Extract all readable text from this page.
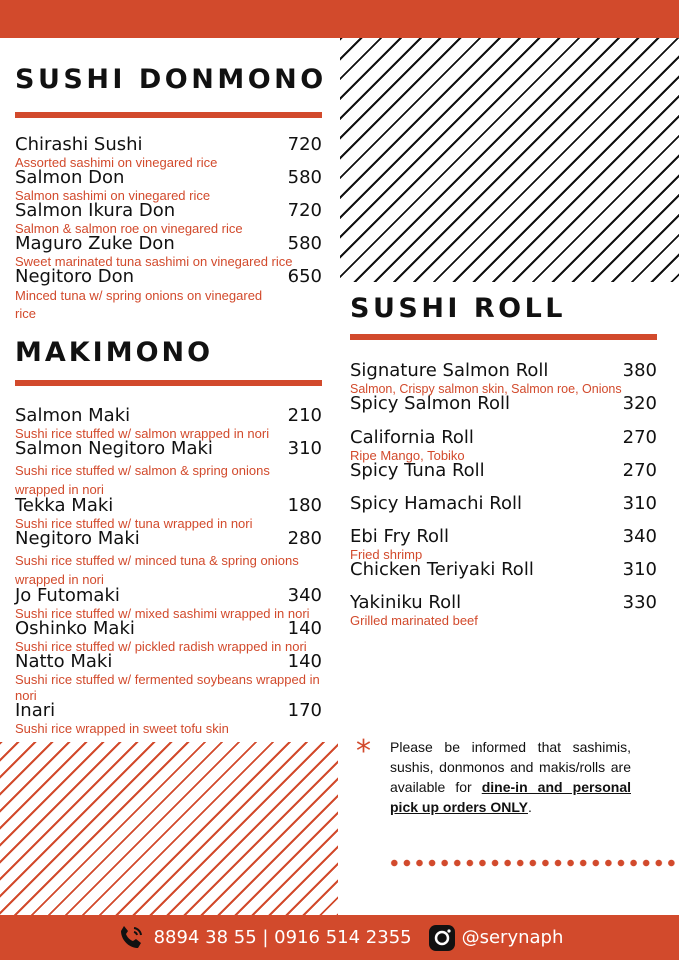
SUSHI DONMONO
Chirashi Sushi	720
Assorted sashimi on vinegared rice
Salmon Don	580
Salmon sashimi on vinegared rice
Salmon Ikura Don	720
Salmon & salmon roe on vinegared rice
Maguro Zuke Don	580
Sweet marinated tuna sashimi on vinegared rice
Negitoro Don	650
Minced tuna w/ spring onions on vinegared rice
MAKIMONO
Salmon Maki	210
Sushi rice stuffed w/ salmon wrapped in nori
Salmon Negitoro Maki	310
Sushi rice stuffed w/ salmon & spring onions wrapped in nori
Tekka Maki	180
Sushi rice stuffed w/ tuna wrapped in nori
Negitoro Maki	280
Sushi rice stuffed w/ minced tuna & spring onions wrapped in nori
Jo Futomaki	340
Sushi rice stuffed w/ mixed sashimi wrapped in nori
Oshinko Maki	140
Sushi rice stuffed w/ pickled radish wrapped in nori
Natto Maki	140
Sushi rice stuffed w/ fermented soybeans wrapped in nori
Inari	170
Sushi rice wrapped in sweet tofu skin
SUSHI ROLL
Signature Salmon Roll	380
Salmon, Crispy salmon skin, Salmon roe, Onions
Spicy Salmon Roll	320
California Roll	270
Ripe Mango, Tobiko
Spicy Tuna Roll	270
Spicy Hamachi Roll	310
Ebi Fry Roll	340
Fried shrimp
Chicken Teriyaki Roll	310
Yakiniku Roll	330
Grilled marinated beef
* Please be informed that sashimis, sushis, donmonos and makis/rolls are available for dine-in and personal pick up orders ONLY.
8894 38 55 | 0916 514 2355	@serynaph
